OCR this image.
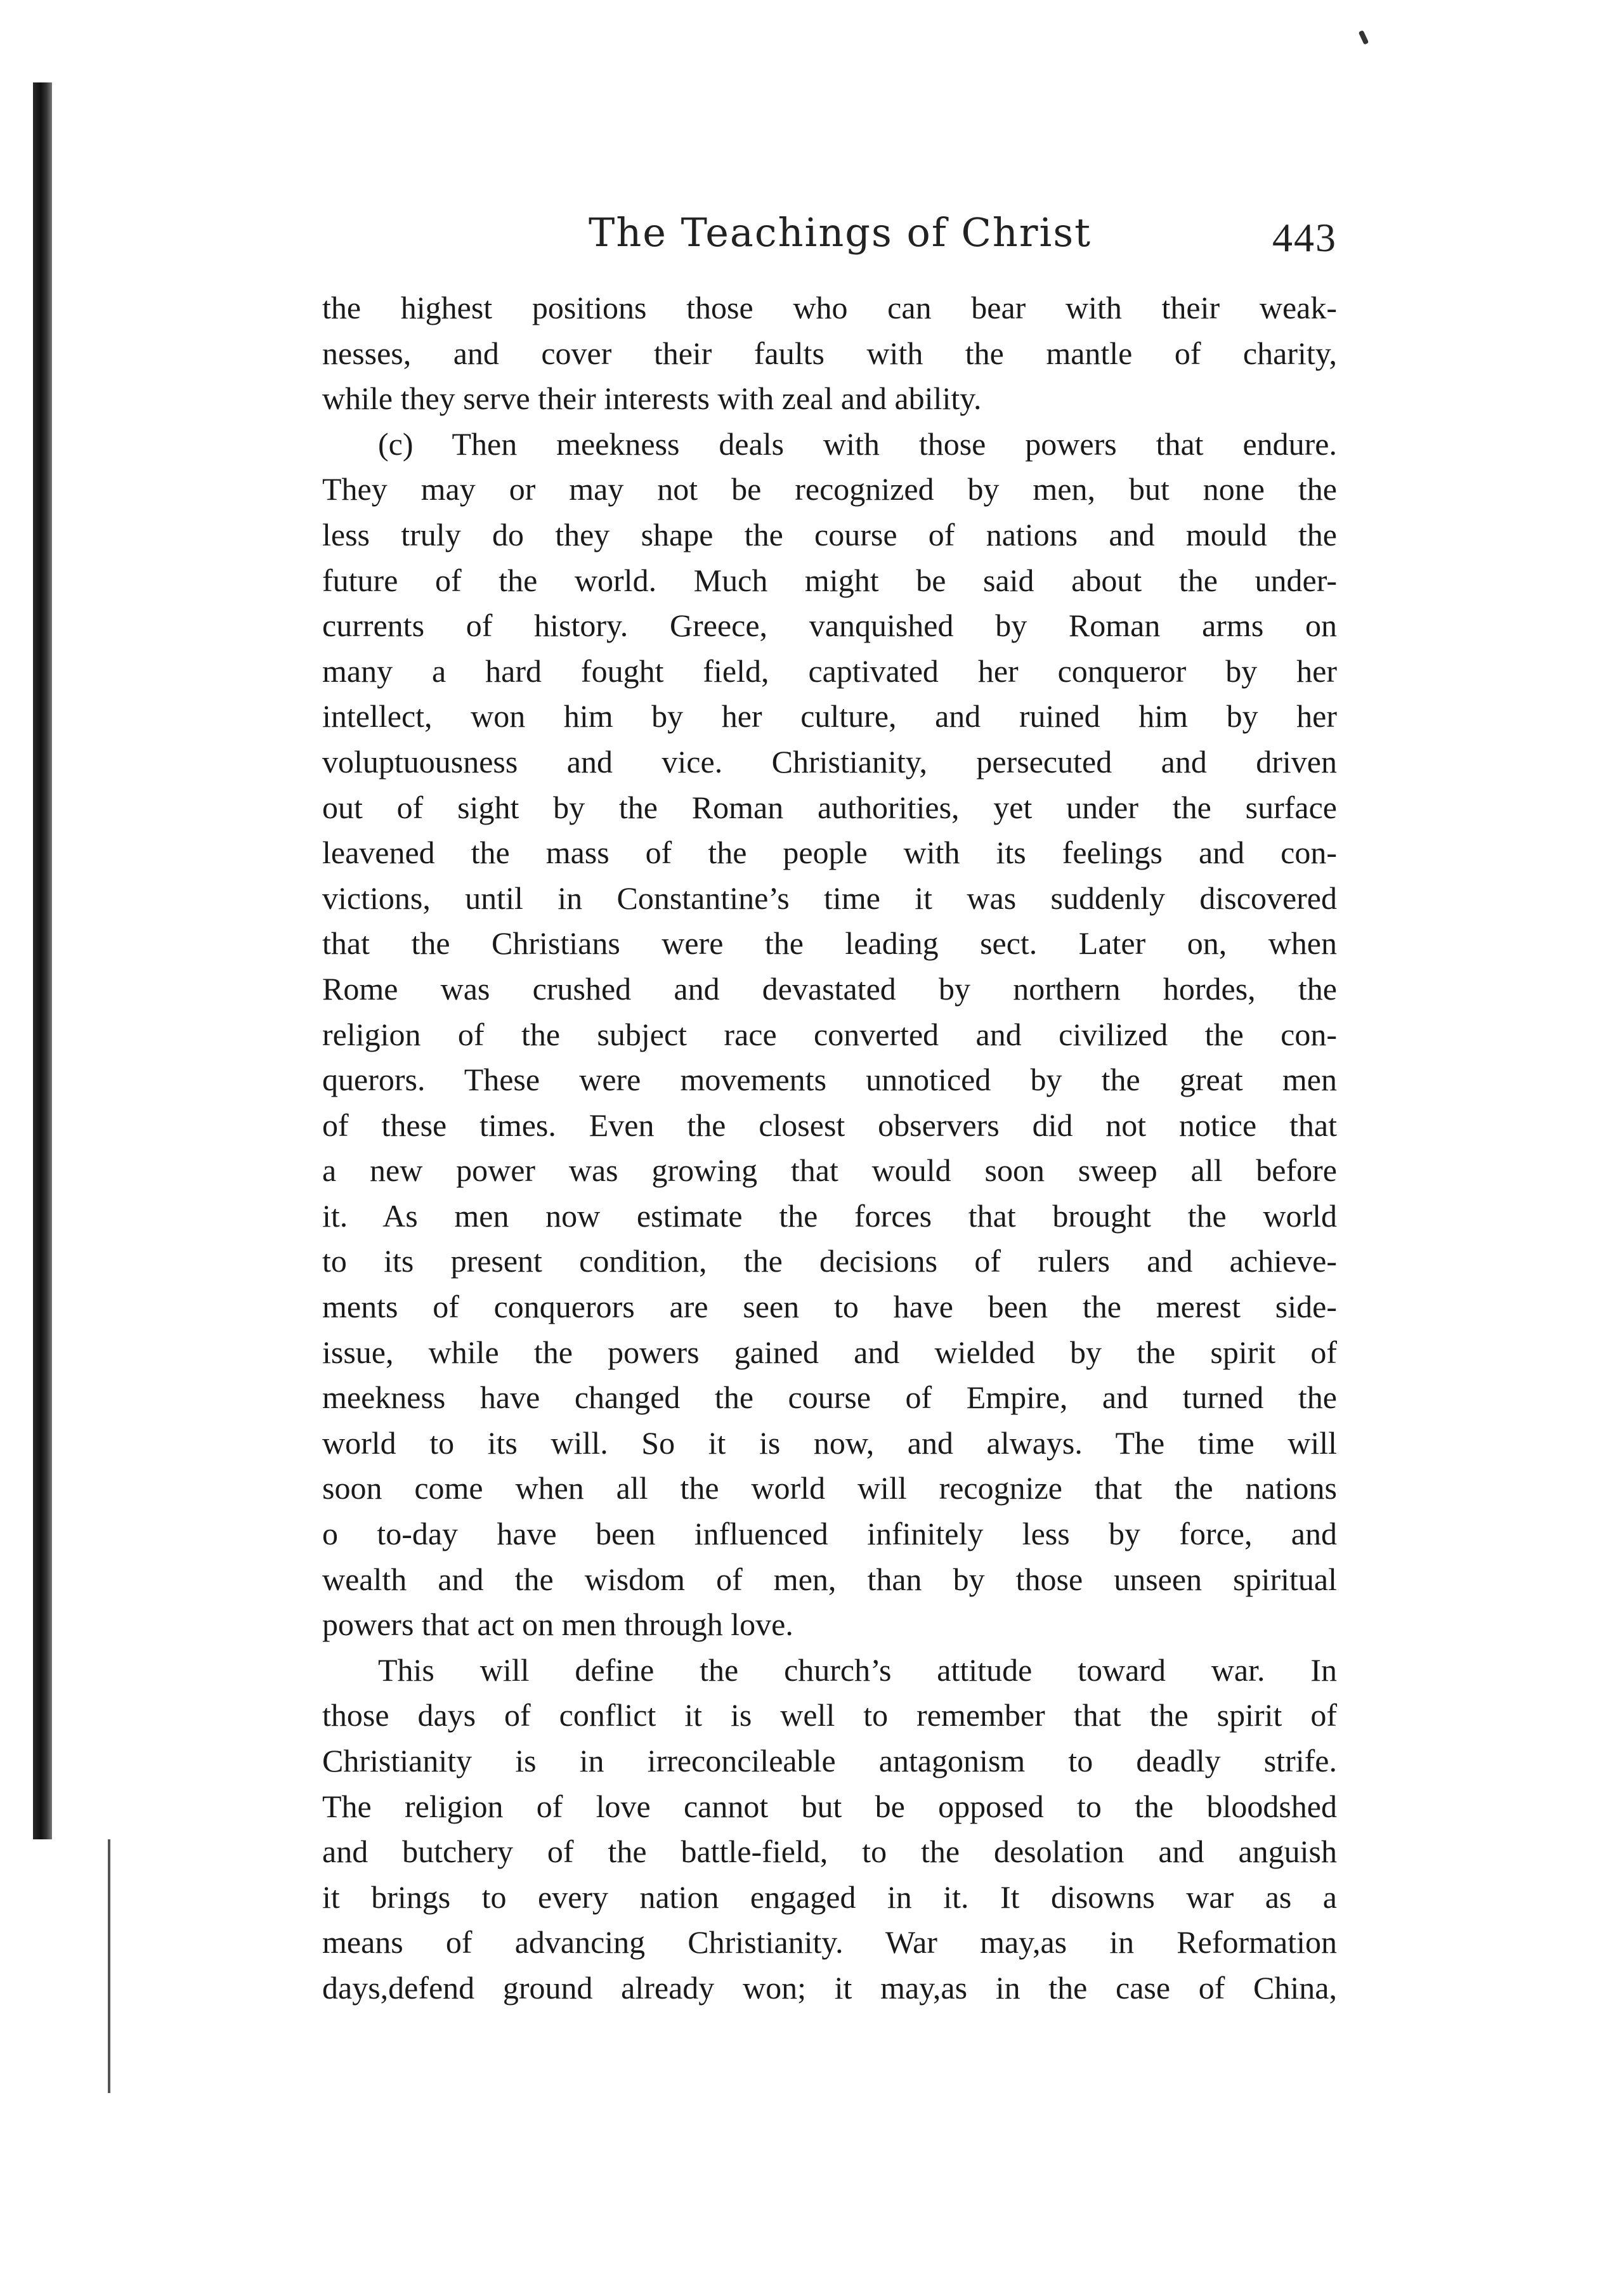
The Teachings of Christ	443
the highest positions those who can bear with their weak-
nesses, and cover their faults with the mantle of charity,
while they serve their interests with zeal and ability.
(c) Then meekness deals with those powers that endure.
They may or may not be recognized by men, but none the
less truly do they shape the course of nations and mould the
future of the world. Much might be said about the under-
currents of history. Greece, vanquished by Roman arms on
many a hard fought field, captivated her conqueror by her
intellect, won him by her culture, and ruined him by her
voluptuousness and vice. Christianity, persecuted and driven
out of sight by the Roman authorities, yet under the surface
leavened the mass of the people with its feelings and con-
victions, until in Constantine’s time it was suddenly discovered
that the Christians were the leading sect. Later on, when
Rome was crushed and devastated by northern hordes, the
religion of the subject race converted and civilized the con-
querors. These were movements unnoticed by the great men
of these times. Even the closest observers did not notice that
a new power was growing that would soon sweep all before
it. As men now estimate the forces that brought the world
to its present condition, the decisions of rulers and achieve-
ments of conquerors are seen to have been the merest side-
issue, while the powers gained and wielded by the spirit of
meekness have changed the course of Empire, and turned the
world to its will. So it is now, and always. The time will
soon come when all the world will recognize that the nations
o to-day have been influenced infinitely less by force, and
wealth and the wisdom of men, than by those unseen spiritual
powers that act on men through love.
This will define the church’s attitude toward war. In
those days of conflict it is well to remember that the spirit of
Christianity is in irreconcileable antagonism to deadly strife.
The religion of love cannot but be opposed to the bloodshed
and butchery of the battle-field, to the desolation and anguish
it brings to every nation engaged in it. It disowns war as a
means of advancing Christianity. War may,as in Reformation
days,defend ground already won; it may,as in the case of China,
